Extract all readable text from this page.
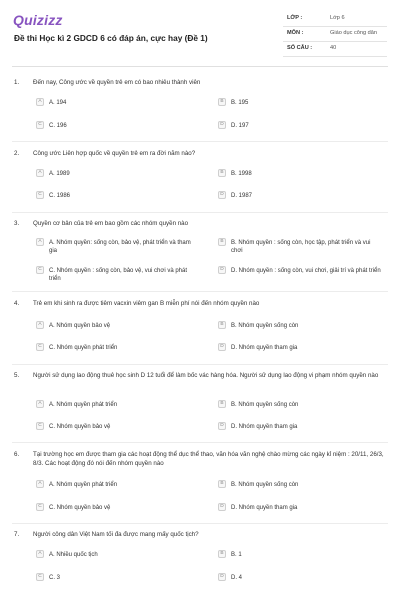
Quizizz
Đề thi Học kì 2 GDCD 6 có đáp án, cực hay (Đề 1)
LỚP :	Lớp 6
MÔN :	Giáo dục công dân
SỐ CÂU :	40
1. Đến nay, Công ước về quyền trẻ em có bao nhiêu thành viên
A	A. 194	B	B. 195
C	C. 196	D	D. 197
2. Công ước Liên hợp quốc về quyền trẻ em ra đời năm nào?
A	A. 1989	B	B. 1998
C	C. 1986	D	D. 1987
3. Quyền cơ bản của trẻ em bao gồm các nhóm quyền nào
A	A. Nhóm quyền: sống còn, bảo vệ, phát triển và tham gia
B	B. Nhóm quyền : sống còn, học tập, phát triển và vui chơi
C	C. Nhóm quyền : sống còn, bảo vệ, vui chơi và phát triển
D	D. Nhóm quyền : sống còn, vui chơi, giải trí và phát triển
4. Trẻ em khi sinh ra được tiêm vacxin viêm gan B miễn phí nói đến nhóm quyền nào
A	A. Nhóm quyền bảo vệ	B	B. Nhóm quyền sống còn
C	C. Nhóm quyền phát triển	D	D. Nhóm quyền tham gia
5. Người sử dụng lao động thuê học sinh D 12 tuổi để làm bốc vác hàng hóa. Người sử dụng lao động vi phạm nhóm quyền nào
A	A. Nhóm quyền phát triển	B	B. Nhóm quyền sống còn
C	C. Nhóm quyền bảo vệ	D	D. Nhóm quyền tham gia
6. Tại trường học em được tham gia các hoạt động thể dục thể thao, văn hóa văn nghệ chào mừng các ngày kỉ niệm : 20/11, 26/3, 8/3. Các hoạt động đó nói đến nhóm quyền nào
A	A. Nhóm quyền phát triển	B	B. Nhóm quyền sống còn
C	C. Nhóm quyền bảo vệ	D	D. Nhóm quyền tham gia
7. Người công dân Việt Nam tối đa được mang mấy quốc tịch?
A	A. Nhiều quốc tịch	B	B. 1
C	C. 3	D	D. 4
